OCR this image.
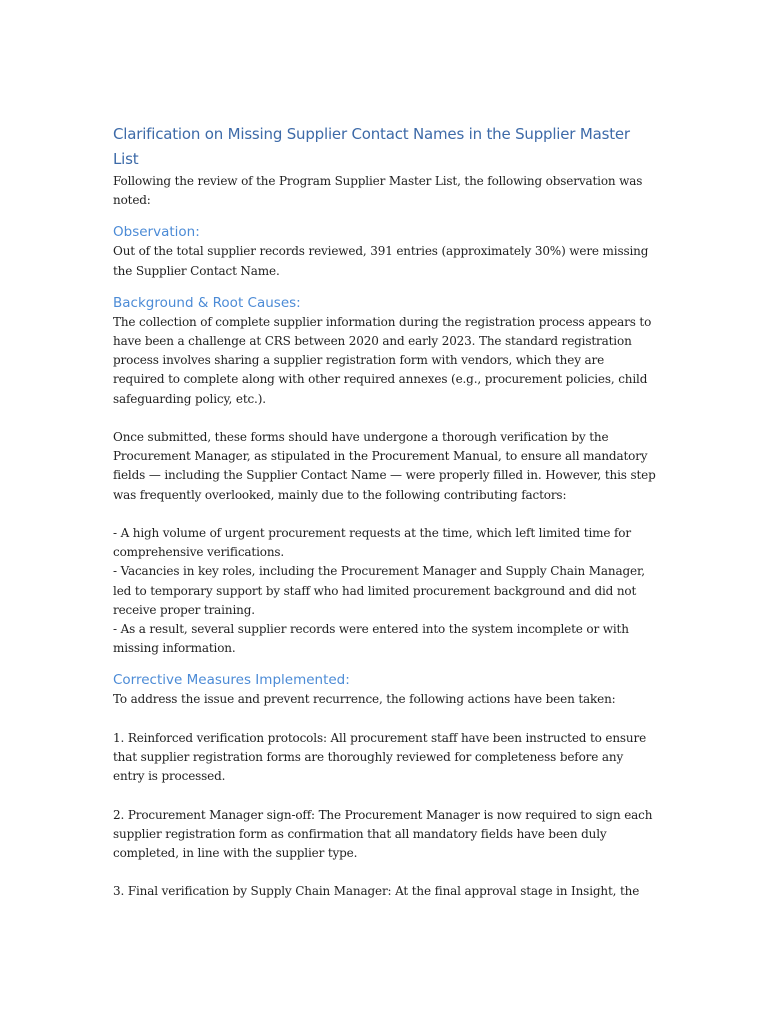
Clarification on Missing Supplier Contact Names in the Supplier Master List

Following the review of the Program Supplier Master List, the following observation was noted:

Observation:

Out of the total supplier records reviewed, 391 entries (approximately 30%) were missing the Supplier Contact Name.

Background & Root Causes:

The collection of complete supplier information during the registration process appears to have been a challenge at CRS between 2020 and early 2023. The standard registration process involves sharing a supplier registration form with vendors, which they are required to complete along with other required annexes (e.g., procurement policies, child safeguarding policy, etc.).

Once submitted, these forms should have undergone a thorough verification by the Procurement Manager, as stipulated in the Procurement Manual, to ensure all mandatory fields — including the Supplier Contact Name — were properly filled in. However, this step was frequently overlooked, mainly due to the following contributing factors:

- A high volume of urgent procurement requests at the time, which left limited time for comprehensive verifications.

- Vacancies in key roles, including the Procurement Manager and Supply Chain Manager, led to temporary support by staff who had limited procurement background and did not receive proper training.

- As a result, several supplier records were entered into the system incomplete or with missing information.

Corrective Measures Implemented:

To address the issue and prevent recurrence, the following actions have been taken:

1. Reinforced verification protocols: All procurement staff have been instructed to ensure that supplier registration forms are thoroughly reviewed for completeness before any entry is processed.

2. Procurement Manager sign-off: The Procurement Manager is now required to sign each supplier registration form as confirmation that all mandatory fields have been duly completed, in line with the supplier type.

3. Final verification by Supply Chain Manager: At the final approval stage in Insight, the
